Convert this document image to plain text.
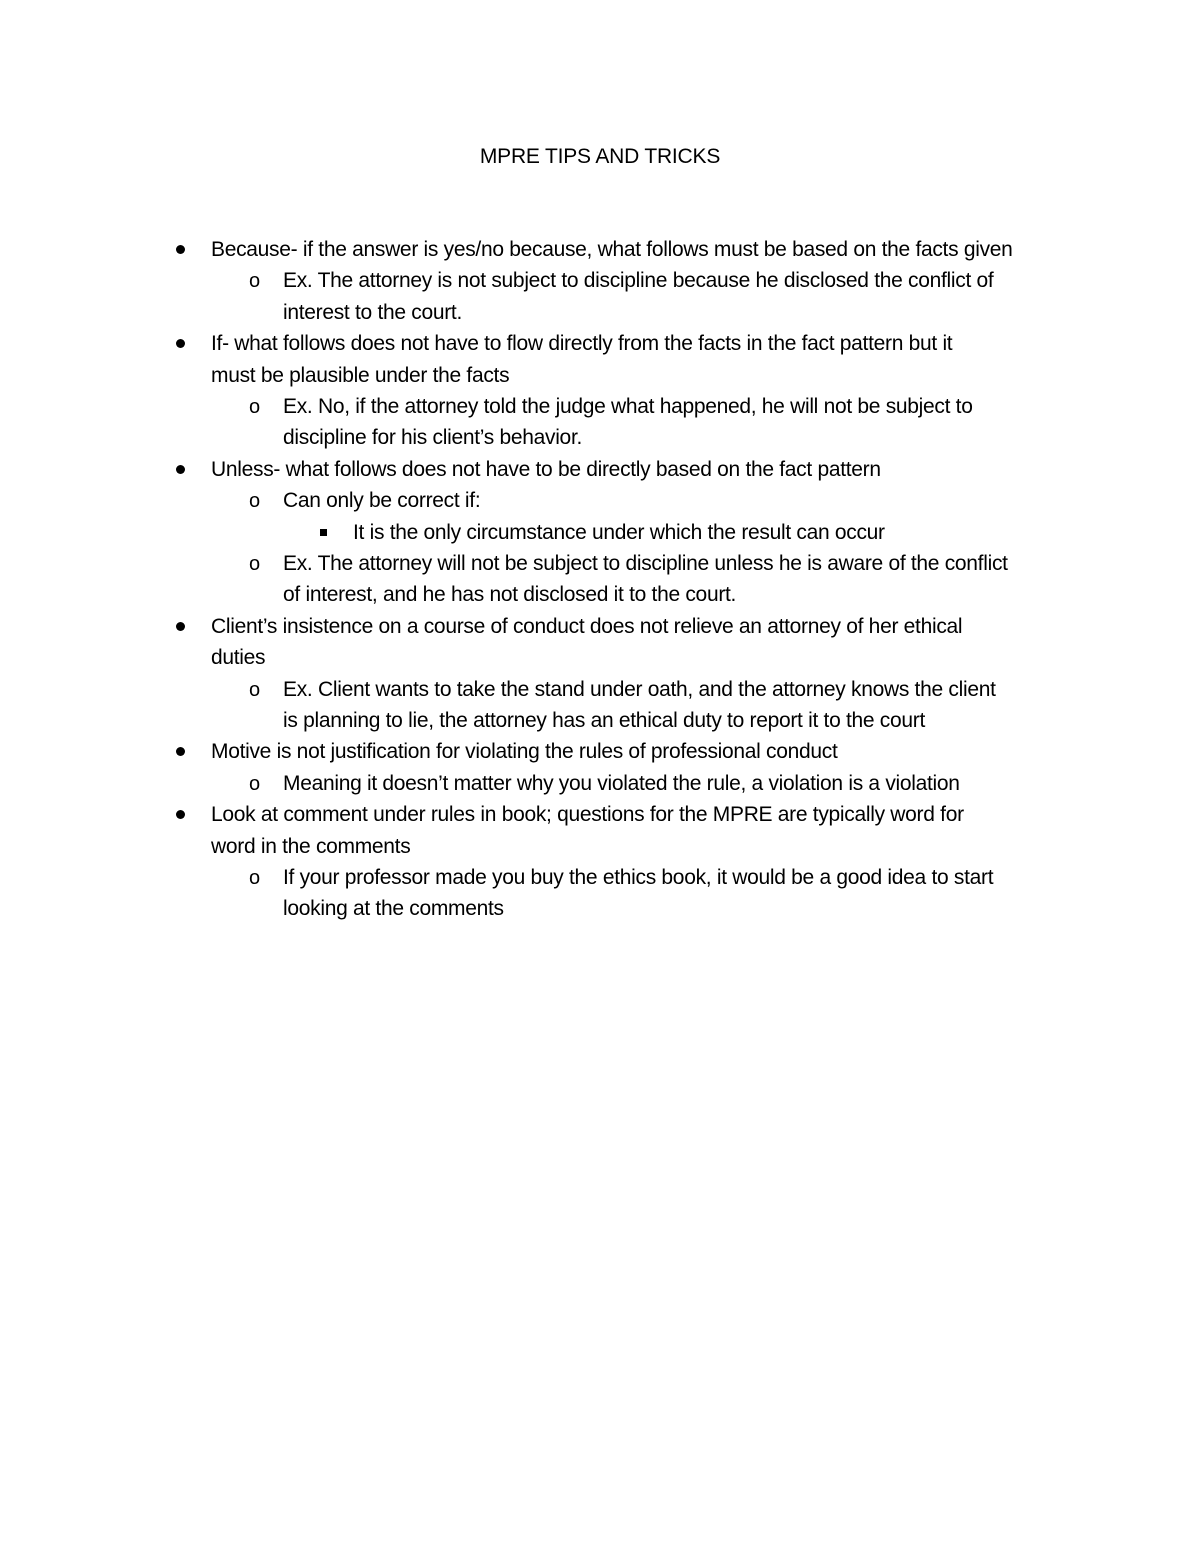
MPRE TIPS AND TRICKS
Because- if the answer is yes/no because, what follows must be based on the facts given
o Ex. The attorney is not subject to discipline because he disclosed the conflict of
interest to the court.
If- what follows does not have to flow directly from the facts in the fact pattern but it
must be plausible under the facts
o Ex. No, if the attorney told the judge what happened, he will not be subject to
discipline for his client’s behavior.
Unless- what follows does not have to be directly based on the fact pattern
o Can only be correct if:
It is the only circumstance under which the result can occur
o Ex. The attorney will not be subject to discipline unless he is aware of the conflict
of interest, and he has not disclosed it to the court.
Client’s insistence on a course of conduct does not relieve an attorney of her ethical
duties
o Ex. Client wants to take the stand under oath, and the attorney knows the client
is planning to lie, the attorney has an ethical duty to report it to the court
Motive is not justification for violating the rules of professional conduct
o Meaning it doesn’t matter why you violated the rule, a violation is a violation
Look at comment under rules in book; questions for the MPRE are typically word for
word in the comments
o If your professor made you buy the ethics book, it would be a good idea to start
looking at the comments
